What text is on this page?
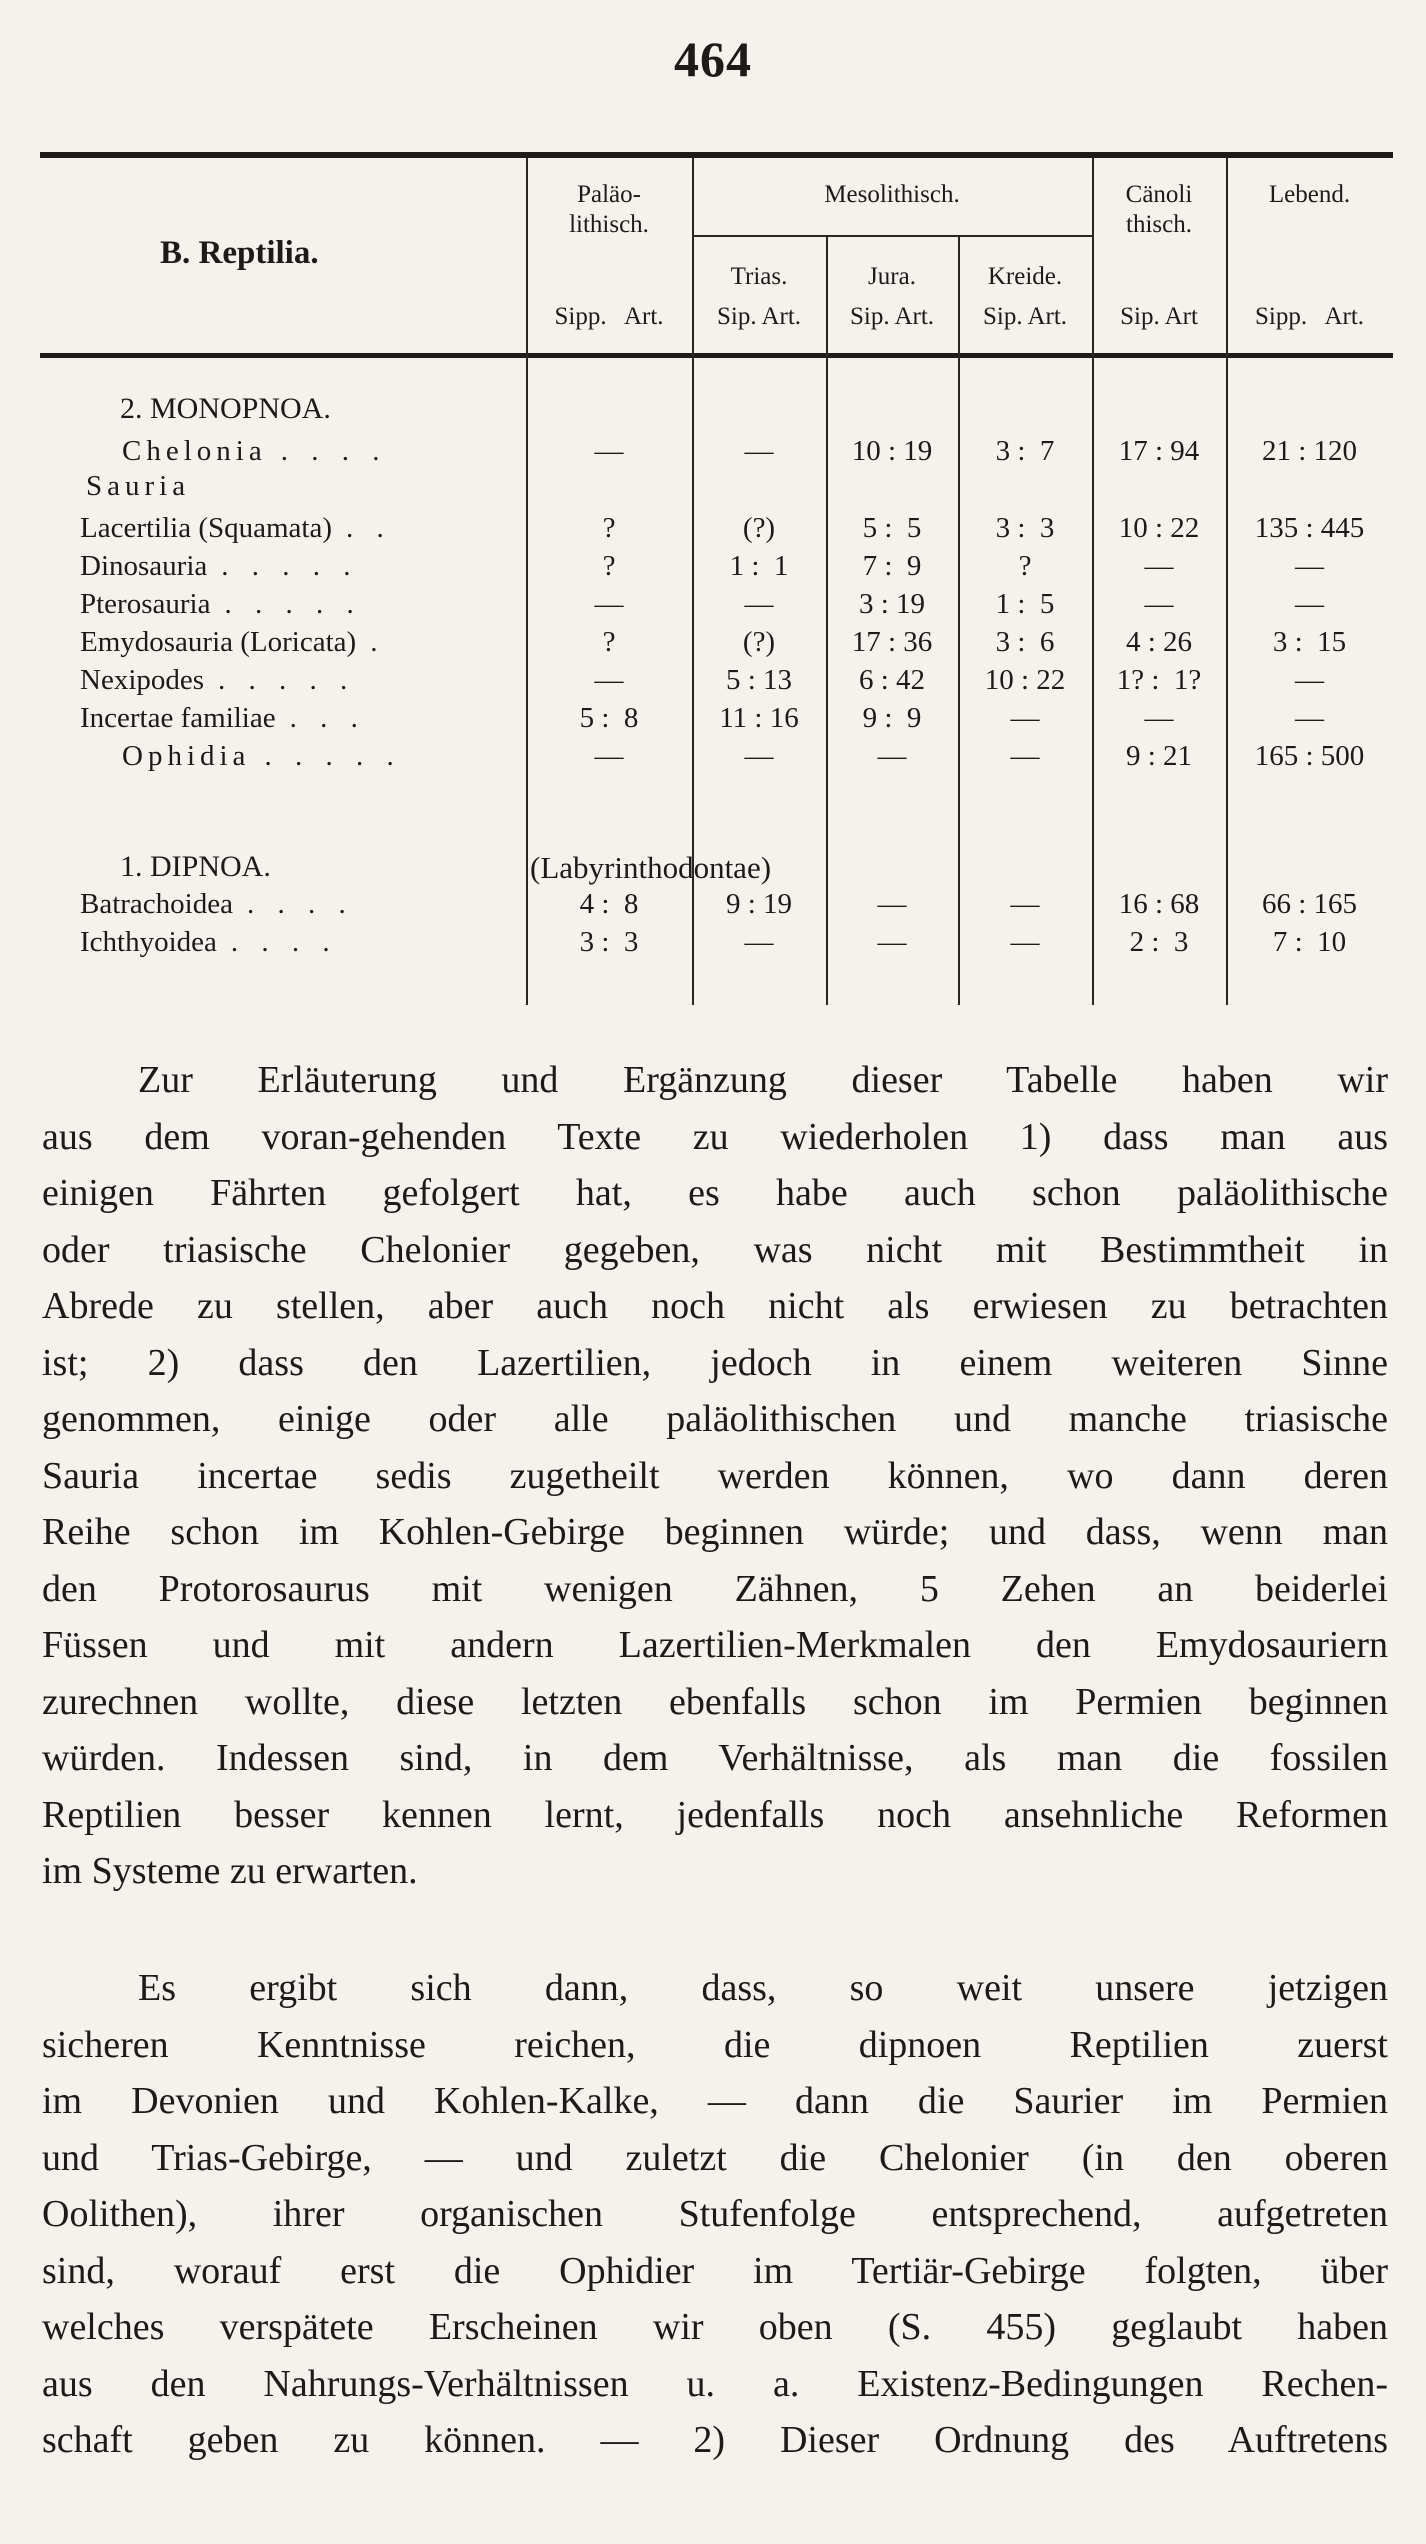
464
B. Reptilia.
Paläo-
lithisch.
Mesolithisch.
Trias.	Jura.	Kreide.
Cänoli
thisch.
Lebend.
Sipp.   Art.	Sip. Art.	Sip. Art.	Sip. Art.	Sip. Art	Sipp.   Art.
2. MONOPNOA.
Sauria
1. DIPNOA.	(Labyrinthodontae)
Chelonia . . . .	—	—	10 : 19	3 :  7	17 : 94	21 : 120
Lacertilia (Squamata) . .	?	(?)	5 :  5	3 :  3	10 : 22	135 : 445
Dinosauria . . . . .	?	1 :  1	7 :  9	?	—	—
Pterosauria . . . . .	—	—	3 : 19	1 :  5	—	—
Emydosauria (Loricata) .	?	(?)	17 : 36	3 :  6	4 : 26	3 :  15
Nexipodes . . . . .	—	5 : 13	6 : 42	10 : 22	1? :  1?	—
Incertae familiae . . .	5 :  8	11 : 16	9 :  9	—	—	—
Ophidia . . . . .	—	—	—	—	9 : 21	165 : 500
Batrachoidea . . . .	4 :  8	9 : 19	—	—	16 : 68	66 : 165
Ichthyoidea . . . .	3 :  3	—	—	—	2 :  3	7 :  10
Zur Erläuterung und Ergänzung dieser Tabelle haben wir
aus dem voran-gehenden Texte zu wiederholen 1) dass man aus
einigen Fährten gefolgert hat, es habe auch schon paläolithische
oder triasische Chelonier gegeben, was nicht mit Bestimmtheit in
Abrede zu stellen, aber auch noch nicht als erwiesen zu betrachten
ist; 2) dass den Lazertilien, jedoch in einem weiteren Sinne
genommen, einige oder alle paläolithischen und manche triasische
Sauria incertae sedis zugetheilt werden können, wo dann deren
Reihe schon im Kohlen-Gebirge beginnen würde; und dass, wenn man
den Protorosaurus mit wenigen Zähnen, 5 Zehen an beiderlei
Füssen und mit andern Lazertilien-Merkmalen den Emydosauriern
zurechnen wollte, diese letzten ebenfalls schon im Permien beginnen
würden. Indessen sind, in dem Verhältnisse, als man die fossilen
Reptilien besser kennen lernt, jedenfalls noch ansehnliche Reformen
im Systeme zu erwarten.
Es ergibt sich dann, dass, so weit unsere jetzigen
sicheren Kenntnisse reichen, die dipnoen Reptilien zuerst
im Devonien und Kohlen-Kalke, — dann die Saurier im Permien
und Trias-Gebirge, — und zuletzt die Chelonier (in den oberen
Oolithen), ihrer organischen Stufenfolge entsprechend, aufgetreten
sind, worauf erst die Ophidier im Tertiär-Gebirge folgten, über
welches verspätete Erscheinen wir oben (S. 455) geglaubt haben
aus den Nahrungs-Verhältnissen u. a. Existenz-Bedingungen Rechen-
schaft geben zu können. — 2) Dieser Ordnung des Auftretens
